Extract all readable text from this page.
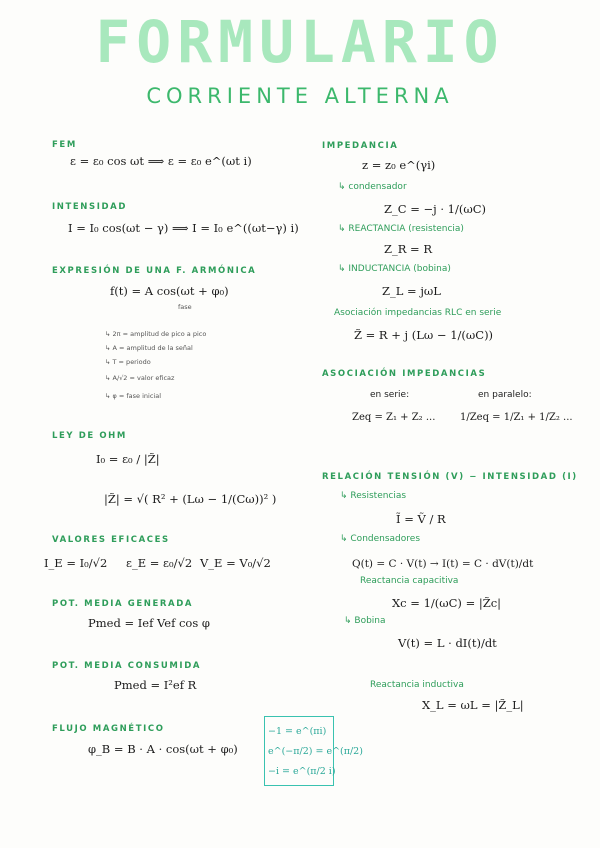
FORMULARIO
CORRIENTE ALTERNA
FEM
ε = ε₀ cos ωt ⟹ ε = ε₀ e^(ωt i)
INTENSIDAD
I = I₀ cos(ωt − γ) ⟹ I = I₀ e^((ωt−γ) i)
EXPRESIÓN DE UNA F. ARMÓNICA
f(t) = A cos(ωt + φ₀)
fase
↳ 2π = amplitud de pico a pico
↳ A = amplitud de la señal
↳ T = periodo
↳ A/√2 = valor eficaz
↳ φ = fase inicial
LEY DE OHM
I₀ = ε₀ / |Z̃|
|Z̃| = √( R² + (Lω − 1/(Cω))² )
VALORES EFICACES
I_E = I₀/√2 ε_E = ε₀/√2 V_E = V₀/√2
POT. MEDIA GENERADA
Pmed = Ief Vef cos φ
POT. MEDIA CONSUMIDA
Pmed = I²ef R
FLUJO MAGNÉTICO
φ_B = B · A · cos(ωt + φ₀)
IMPEDANCIA
z = z₀ e^(γi)
↳ condensador
Z_C = −j · 1/(ωC)
↳ REACTANCIA (resistencia)
Z_R = R
↳ INDUCTANCIA (bobina)
Z_L = jωL
Asociación impedancias RLC en serie
Z̃ = R + j (Lω − 1/(ωC))
ASOCIACIÓN IMPEDANCIAS
en serie:	en paralelo:
Zeq = Z₁ + Z₂ ... 1/Zeq = 1/Z₁ + 1/Z₂ ...
RELACIÓN TENSIÓN (V) − INTENSIDAD (I)
↳ Resistencias
Ĩ = Ṽ / R
↳ Condensadores
Q(t) = C · V(t) → I(t) = C · dV(t)/dt
Reactancia capacitiva
Xc = 1/(ωC) = |Z̃c|
↳ Bobina
V(t) = L · dI(t)/dt
Reactancia inductiva
X_L = ωL = |Z̃_L|
−1 = e^(πi)
e^(−π/2) = e^(π/2)
−i = e^(π/2 i)
